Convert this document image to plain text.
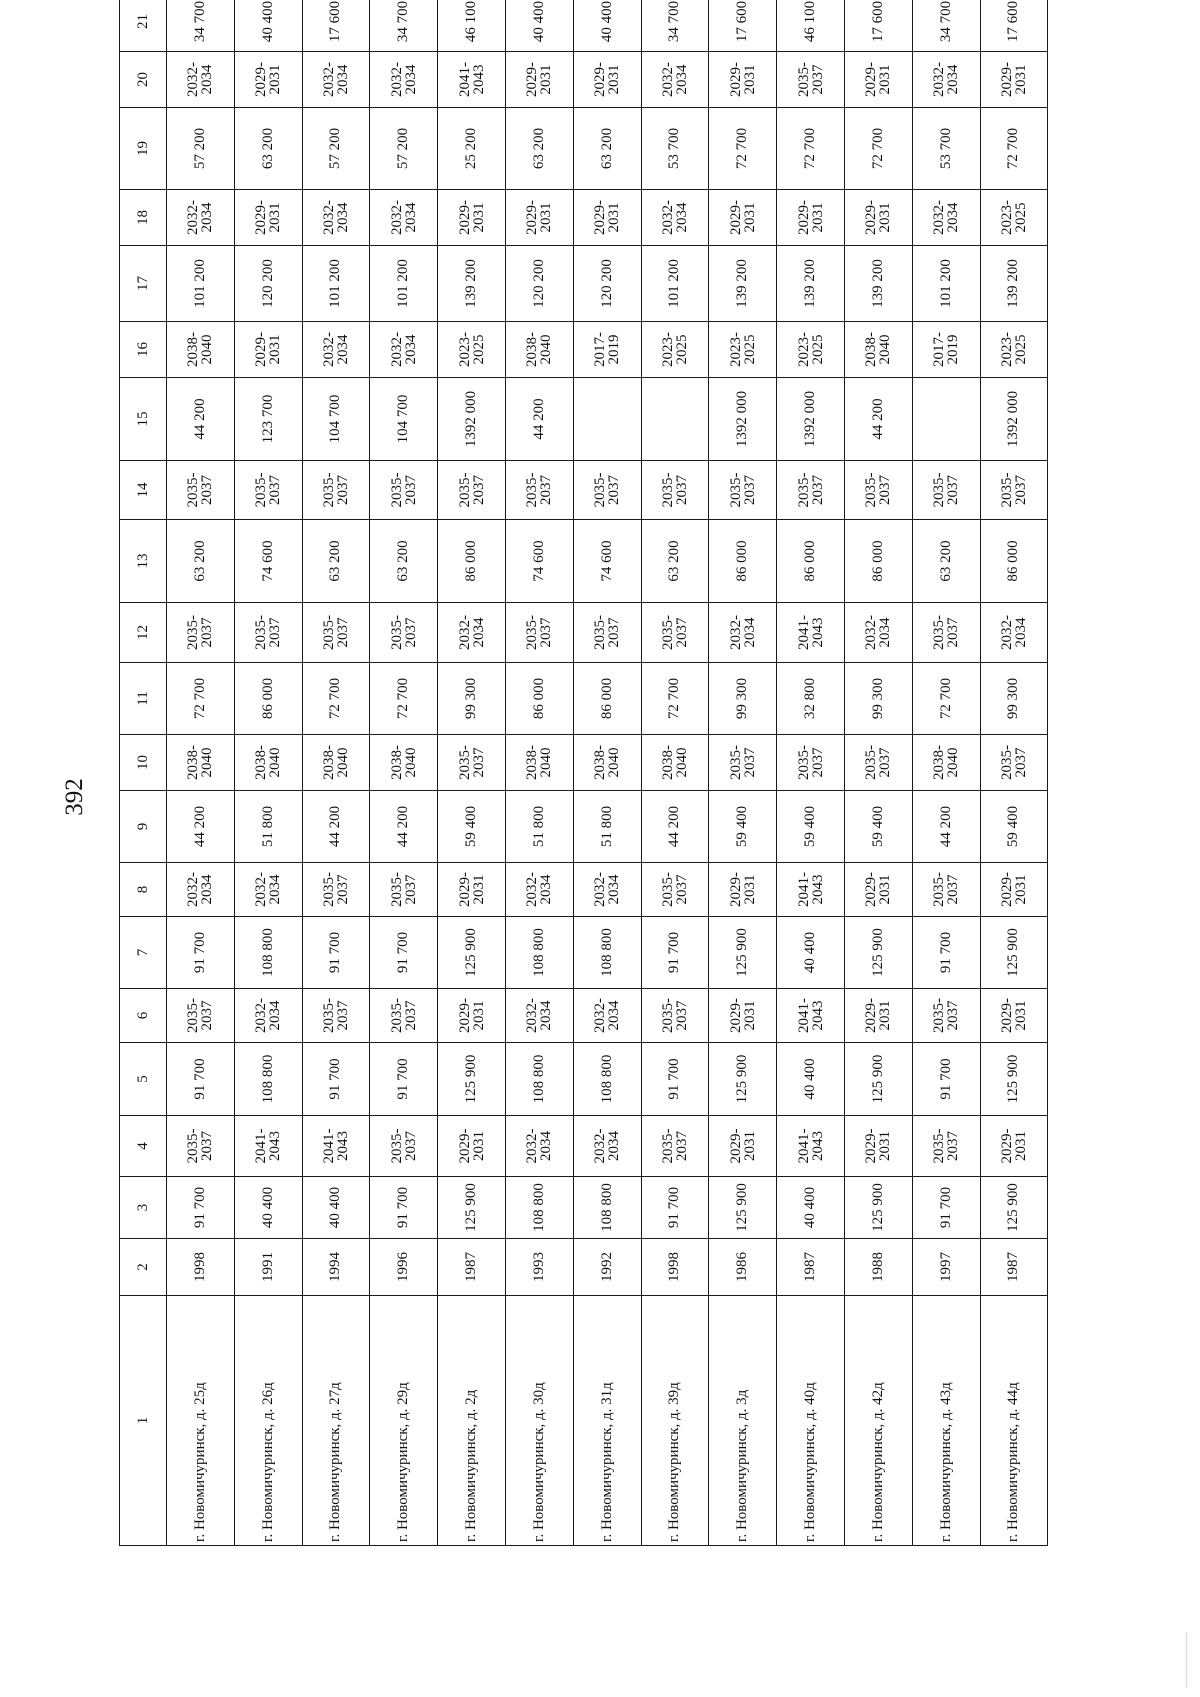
392
1	2	3	4	5	6	7	8	9	10	11	12	13	14	15	16	17	18	19	20	21			
г. Новомичуринск, д. 25д	1998	91 700	2035-
2037	91 700	2035-
2037	91 700	2032-
2034	44 200	2038-
2040	72 700	2035-
2037	63 200	2035-
2037	44 200	2038-
2040	101 200	2032-
2034	57 200	2032-
2034	34 700	

г. Новомичуринск, д. 26д	1991	40 400	2041-
2043	108 800	2032-
2034	108 800	2032-
2034	51 800	2038-
2040	86 000	2035-
2037	74 600	2035-
2037	123 700	2029-
2031	120 200	2029-
2031	63 200	2029-
2031	40 400	

г. Новомичуринск, д. 27д	1994	40 400	2041-
2043	91 700	2035-
2037	91 700	2035-
2037	44 200	2038-
2040	72 700	2035-
2037	63 200	2035-
2037	104 700	2032-
2034	101 200	2032-
2034	57 200	2032-
2034	17 600	

г. Новомичуринск, д. 29д	1996	91 700	2035-
2037	91 700	2035-
2037	91 700	2035-
2037	44 200	2038-
2040	72 700	2035-
2037	63 200	2035-
2037	104 700	2032-
2034	101 200	2032-
2034	57 200	2032-
2034	34 700	

г. Новомичуринск, д. 2д	1987	125 900	2029-
2031	125 900	2029-
2031	125 900	2029-
2031	59 400	2035-
2037	99 300	2032-
2034	86 000	2035-
2037	1392 000	2023-
2025	139 200	2029-
2031	25 200	2041-
2043	46 100	

г. Новомичуринск, д. 30д	1993	108 800	2032-
2034	108 800	2032-
2034	108 800	2032-
2034	51 800	2038-
2040	86 000	2035-
2037	74 600	2035-
2037	44 200	2038-
2040	120 200	2029-
2031	63 200	2029-
2031	40 400	

г. Новомичуринск, д. 31д	1992	108 800	2032-
2034	108 800	2032-
2034	108 800	2032-
2034	51 800	2038-
2040	86 000	2035-
2037	74 600	2035-
2037		2017-
2019	120 200	2029-
2031	63 200	2029-
2031	40 400	

г. Новомичуринск, д. 39д	1998	91 700	2035-
2037	91 700	2035-
2037	91 700	2035-
2037	44 200	2038-
2040	72 700	2035-
2037	63 200	2035-
2037		2023-
2025	101 200	2032-
2034	53 700	2032-
2034	34 700	

г. Новомичуринск, д. 3д	1986	125 900	2029-
2031	125 900	2029-
2031	125 900	2029-
2031	59 400	2035-
2037	99 300	2032-
2034	86 000	2035-
2037	1392 000	2023-
2025	139 200	2029-
2031	72 700	2029-
2031	17 600	

г. Новомичуринск, д. 40д	1987	40 400	2041-
2043	40 400	2041-
2043	40 400	2041-
2043	59 400	2035-
2037	32 800	2041-
2043	86 000	2035-
2037	1392 000	2023-
2025	139 200	2029-
2031	72 700	2035-
2037	46 100	

г. Новомичуринск, д. 42д	1988	125 900	2029-
2031	125 900	2029-
2031	125 900	2029-
2031	59 400	2035-
2037	99 300	2032-
2034	86 000	2035-
2037	44 200	2038-
2040	139 200	2029-
2031	72 700	2029-
2031	17 600	

г. Новомичуринск, д. 43д	1997	91 700	2035-
2037	91 700	2035-
2037	91 700	2035-
2037	44 200	2038-
2040	72 700	2035-
2037	63 200	2035-
2037		2017-
2019	101 200	2032-
2034	53 700	2032-
2034	34 700	

г. Новомичуринск, д. 44д	1987	125 900	2029-
2031	125 900	2029-
2031	125 900	2029-
2031	59 400	2035-
2037	99 300	2032-
2034	86 000	2035-
2037	1392 000	2023-
2025	139 200	2023-
2025	72 700	2029-
2031	17 600	
